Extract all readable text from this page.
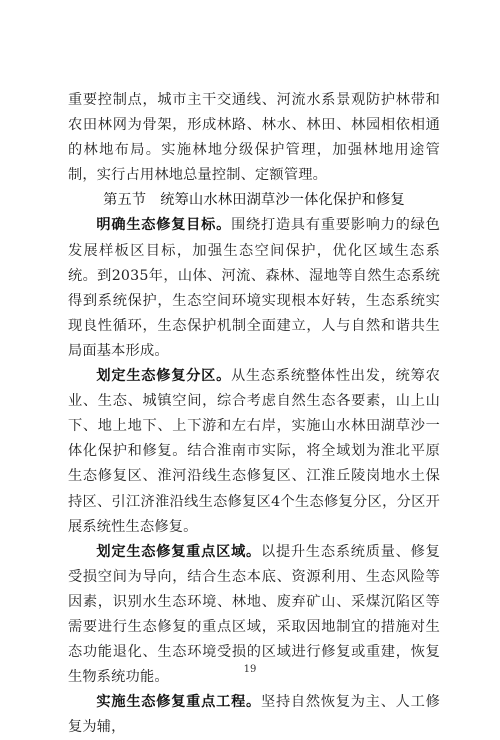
重要控制点，城市主干交通线、河流水系景观防护林带和农田林网为骨架，形成林路、林水、林田、林园相依相通的林地布局。实施林地分级保护管理，加强林地用途管制，实行占用林地总量控制、定额管理。

第五节 统筹山水林田湖草沙一体化保护和修复

明确生态修复目标。围绕打造具有重要影响力的绿色发展样板区目标，加强生态空间保护，优化区域生态系统。到2035年，山体、河流、森林、湿地等自然生态系统得到系统保护，生态空间环境实现根本好转，生态系统实现良性循环，生态保护机制全面建立，人与自然和谐共生局面基本形成。

划定生态修复分区。从生态系统整体性出发，统筹农业、生态、城镇空间，综合考虑自然生态各要素，山上山下、地上地下、上下游和左右岸，实施山水林田湖草沙一体化保护和修复。结合淮南市实际，将全域划为淮北平原生态修复区、淮河沿线生态修复区、江淮丘陵岗地水土保持区、引江济淮沿线生态修复区4个生态修复分区，分区开展系统性生态修复。

划定生态修复重点区域。以提升生态系统质量、修复受损空间为导向，结合生态本底、资源利用、生态风险等因素，识别水生态环境、林地、废弃矿山、采煤沉陷区等需要进行生态修复的重点区域，采取因地制宜的措施对生态功能退化、生态环境受损的区域进行修复或重建，恢复生物系统功能。

实施生态修复重点工程。坚持自然恢复为主、人工修复为辅，

19
